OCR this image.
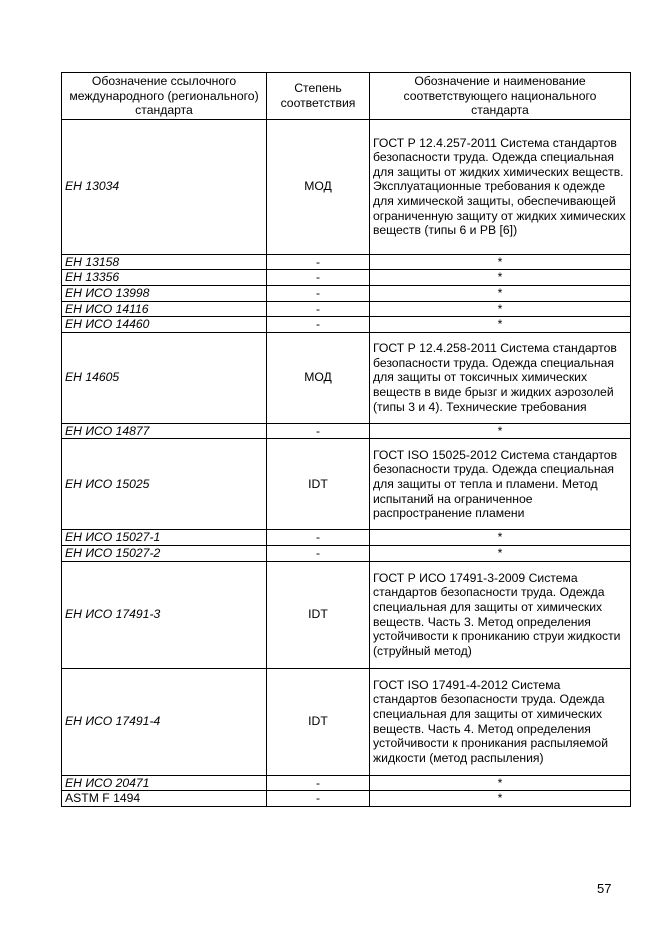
Обозначение ссылочного международного (регионального) стандарта	Степень соответствия	Обозначение и наименование соответствующего национального стандарта
ЕН 13034	МОД	ГОСТ Р 12.4.257-2011 Система стандартов безопасности труда. Одежда специальная для защиты от жидких химических веществ. Эксплуатационные требования к одежде для химической защиты, обеспечивающей ограниченную защиту от жидких химических веществ (типы 6 и РВ [6])
ЕН 13158	-	*
ЕН 13356	-	*
ЕН ИСО 13998	-	*
ЕН ИСО 14116	-	*
ЕН ИСО 14460	-	*
ЕН 14605	МОД	ГОСТ Р 12.4.258-2011 Система стандартов безопасности труда. Одежда специальная для защиты от токсичных химических веществ в виде брызг и жидких аэрозолей (типы 3 и 4). Технические требования
ЕН ИСО 14877	-	*
ЕН ИСО 15025	IDT	ГОСТ ISO 15025-2012 Система стандартов безопасности труда. Одежда специальная для защиты от тепла и пламени. Метод испытаний на ограниченное распространение пламени
ЕН ИСО 15027-1	-	*
ЕН ИСО 15027-2	-	*
ЕН ИСО 17491-3	IDT	ГОСТ Р ИСО 17491-3-2009 Система стандартов безопасности труда. Одежда специальная для защиты от химических веществ. Часть 3. Метод определения устойчивости к прониканию струи жидкости (струйный метод)
ЕН ИСО 17491-4	IDT	ГОСТ ISO 17491-4-2012 Система стандартов безопасности труда. Одежда специальная для защиты от химических веществ. Часть 4. Метод определения устойчивости к проникания распыляемой жидкости (метод распыления)
ЕН ИСО 20471	-	*
ASTM F 1494	-	*
57
